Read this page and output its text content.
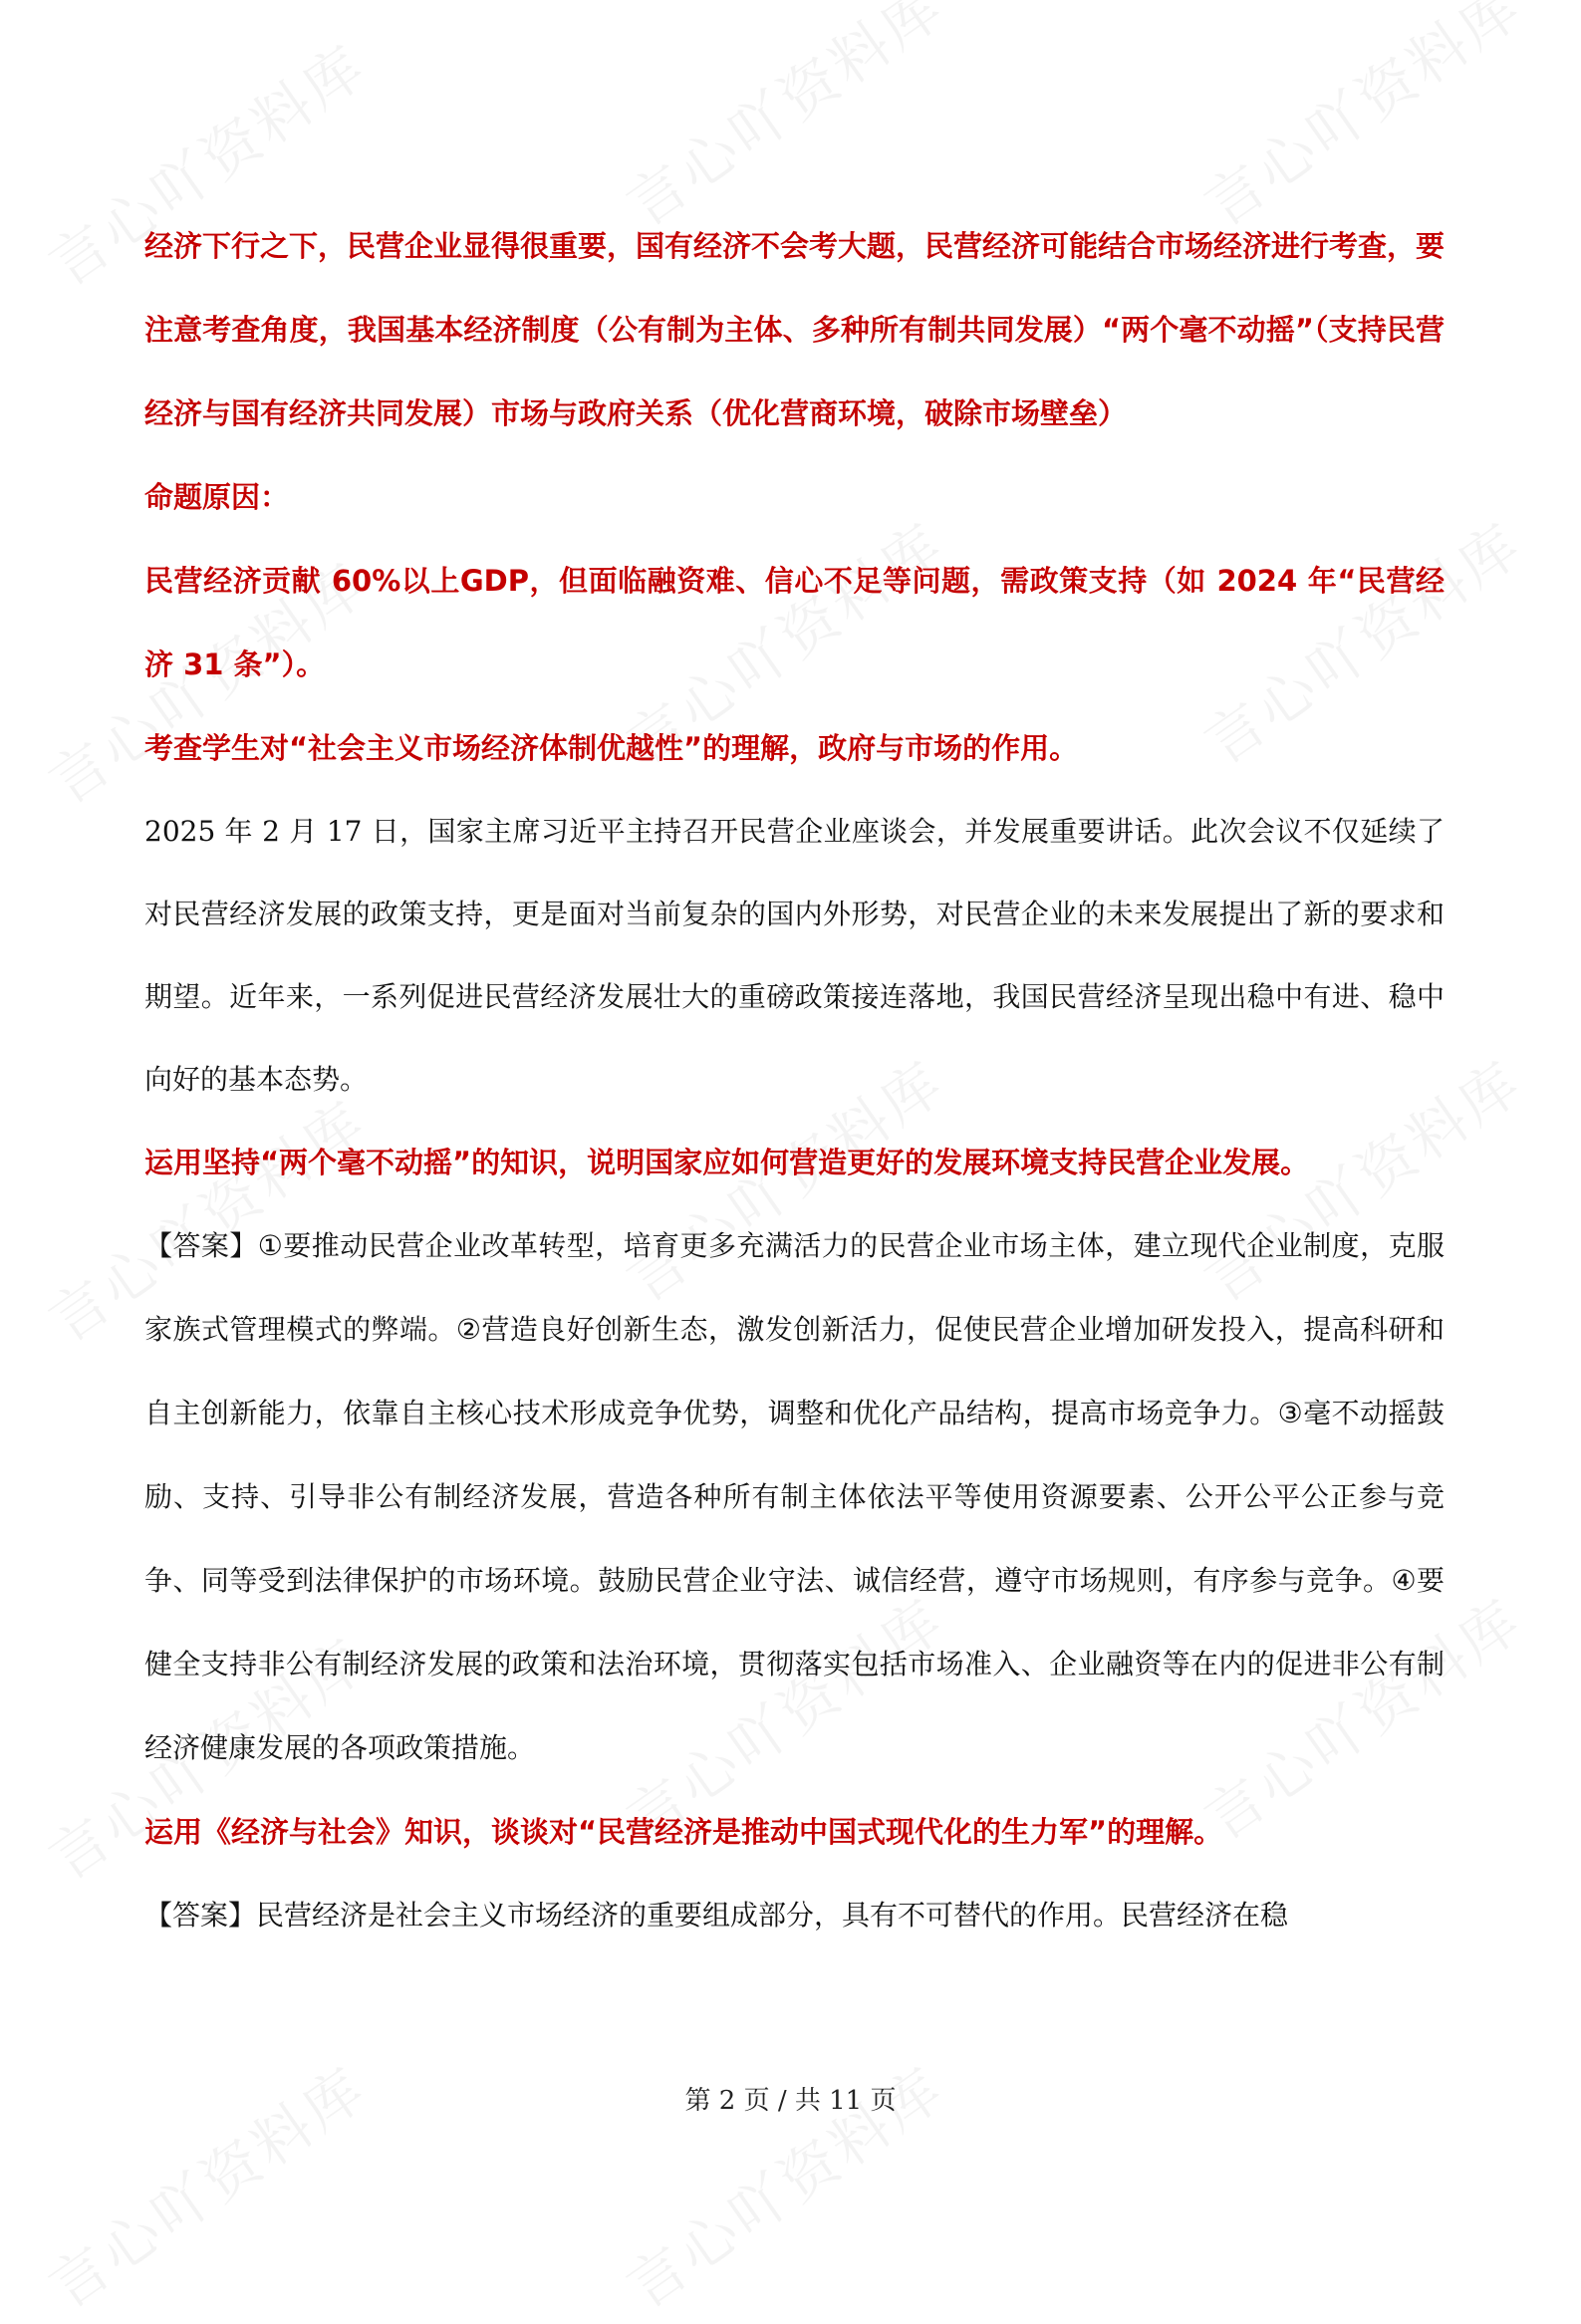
经济下行之下，民营企业显得很重要，国有经济不会考大题，民营经济可能结合市场经济进行考查，要注意考查角度，我国基本经济制度（公有制为主体、多种所有制共同发展）“两个毫不动摇”（支持民营经济与国有经济共同发展）市场与政府关系（优化营商环境，破除市场壁垒）

命题原因：

民营经济贡献 60%以上GDP，但面临融资难、信心不足等问题，需政策支持（如 2024 年“民营经济 31 条”）。

考查学生对“社会主义市场经济体制优越性”的理解，政府与市场的作用。

2025 年 2 月 17 日，国家主席习近平主持召开民营企业座谈会，并发展重要讲话。此次会议不仅延续了对民营经济发展的政策支持，更是面对当前复杂的国内外形势，对民营企业的未来发展提出了新的要求和期望。近年来，一系列促进民营经济发展壮大的重磅政策接连落地，我国民营经济呈现出稳中有进、稳中向好的基本态势。

运用坚持“两个毫不动摇”的知识，说明国家应如何营造更好的发展环境支持民营企业发展。

【答案】①要推动民营企业改革转型，培育更多充满活力的民营企业市场主体，建立现代企业制度，克服家族式管理模式的弊端。②营造良好创新生态，激发创新活力，促使民营企业增加研发投入，提高科研和自主创新能力，依靠自主核心技术形成竞争优势，调整和优化产品结构，提高市场竞争力。③毫不动摇鼓励、支持、引导非公有制经济发展，营造各种所有制主体依法平等使用资源要素、公开公平公正参与竞争、同等受到法律保护的市场环境。鼓励民营企业守法、诚信经营，遵守市场规则，有序参与竞争。④要健全支持非公有制经济发展的政策和法治环境，贯彻落实包括市场准入、企业融资等在内的促进非公有制经济健康发展的各项政策措施。

运用《经济与社会》知识，谈谈对“民营经济是推动中国式现代化的生力军”的理解。

【答案】民营经济是社会主义市场经济的重要组成部分，具有不可替代的作用。民营经济在稳

第 2 页 / 共 11 页
